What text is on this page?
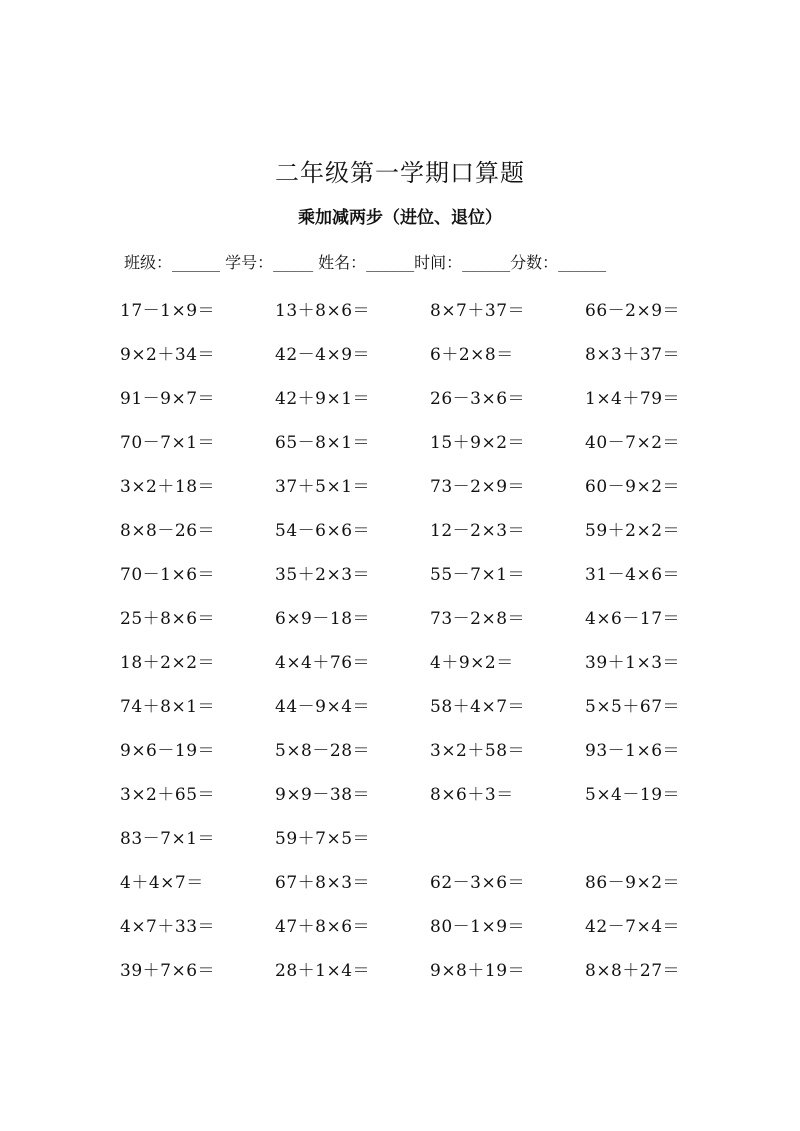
二年级第一学期口算题
乘加减两步（进位、退位）
班级：______ 学号：_____ 姓名：______时间：______分数：______
17－1×9＝	13＋8×6＝	8×7＋37＝	66－2×9＝
9×2＋34＝	42－4×9＝	6＋2×8＝	8×3＋37＝
91－9×7＝	42＋9×1＝	26－3×6＝	1×4＋79＝
70－7×1＝	65－8×1＝	15＋9×2＝	40－7×2＝
3×2＋18＝	37＋5×1＝	73－2×9＝	60－9×2＝
8×8－26＝	54－6×6＝	12－2×3＝	59＋2×2＝
70－1×6＝	35＋2×3＝	55－7×1＝	31－4×6＝
25＋8×6＝	6×9－18＝	73－2×8＝	4×6－17＝
18＋2×2＝	4×4＋76＝	4＋9×2＝	39＋1×3＝
74＋8×1＝	44－9×4＝	58＋4×7＝	5×5＋67＝
9×6－19＝	5×8－28＝	3×2＋58＝	93－1×6＝
3×2＋65＝	9×9－38＝	8×6＋3＝	5×4－19＝
83－7×1＝	59＋7×5＝
4＋4×7＝	67＋8×3＝	62－3×6＝	86－9×2＝
4×7＋33＝	47＋8×6＝	80－1×9＝	42－7×4＝
39＋7×6＝	28＋1×4＝	9×8＋19＝	8×8＋27＝
